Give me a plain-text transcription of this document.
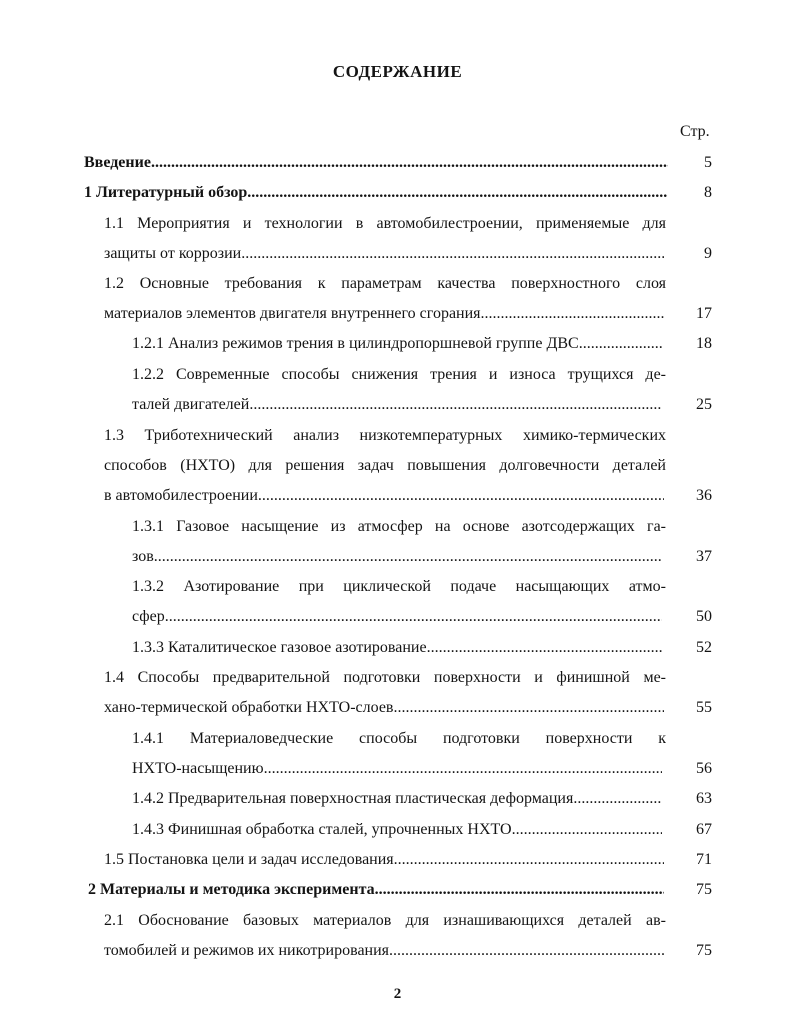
СОДЕРЖАНИЕ
Стр.
Введение .....	5
1 Литературный обзор .....	8
1.1 Мероприятия и технологии в автомобилестроении, применяемые для
защиты от коррозии .....	9
1.2 Основные требования к параметрам качества поверхностного слоя
материалов элементов двигателя внутреннего сгорания .....	17
1.2.1 Анализ режимов трения в цилиндропоршневой группе ДВС .....	18
1.2.2 Современные способы снижения трения и износа трущихся де-
талей двигателей .....	25
1.3 Триботехнический анализ низкотемпературных химико-термических
способов (НХТО) для решения задач повышения долговечности деталей
в автомобилестроении .....	36
1.3.1 Газовое насыщение из атмосфер на основе азотсодержащих га-
зов .....	37
1.3.2 Азотирование при циклической подаче насыщающих атмо-
сфер .....	50
1.3.3 Каталитическое газовое азотирование .....	52
1.4 Способы предварительной подготовки поверхности и финишной ме-
хано-термической обработки НХТО-слоев .....	55
1.4.1 Материаловедческие способы подготовки поверхности к
НХТО-насыщению .....	56
1.4.2 Предварительная поверхностная пластическая деформация .....	63
1.4.3 Финишная обработка сталей, упрочненных НХТО .....	67
1.5 Постановка цели и задач исследования .....	71
2 Материалы и методика эксперимента .....	75
2.1 Обоснование базовых материалов для изнашивающихся деталей ав-
томобилей и режимов их никотрирования .....	75
2
